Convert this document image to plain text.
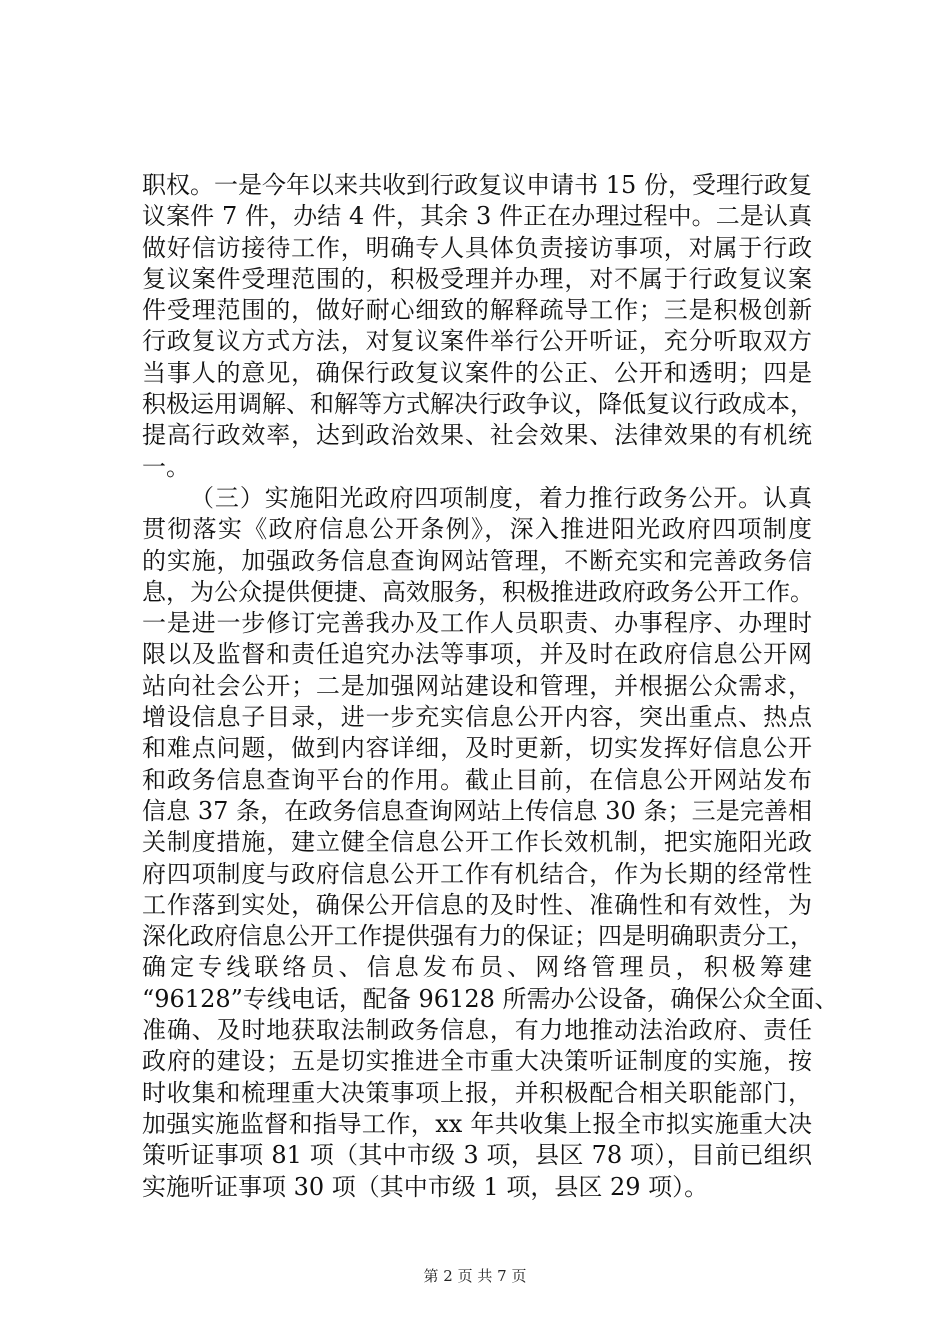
职权。一是今年以来共收到行政复议申请书 15 份，受理行政复
议案件 7 件，办结 4 件，其余 3 件正在办理过程中。二是认真
做好信访接待工作，明确专人具体负责接访事项，对属于行政
复议案件受理范围的，积极受理并办理，对不属于行政复议案
件受理范围的，做好耐心细致的解释疏导工作；三是积极创新
行政复议方式方法，对复议案件举行公开听证，充分听取双方
当事人的意见，确保行政复议案件的公正、公开和透明；四是
积极运用调解、和解等方式解决行政争议，降低复议行政成本，
提高行政效率，达到政治效果、社会效果、法律效果的有机统
一。
（三）实施阳光政府四项制度，着力推行政务公开。认真
贯彻落实《政府信息公开条例》，深入推进阳光政府四项制度
的实施，加强政务信息查询网站管理，不断充实和完善政务信
息，为公众提供便捷、高效服务，积极推进政府政务公开工作。
一是进一步修订完善我办及工作人员职责、办事程序、办理时
限以及监督和责任追究办法等事项，并及时在政府信息公开网
站向社会公开；二是加强网站建设和管理，并根据公众需求，
增设信息子目录，进一步充实信息公开内容，突出重点、热点
和难点问题，做到内容详细，及时更新，切实发挥好信息公开
和政务信息查询平台的作用。截止目前，在信息公开网站发布
信息 37 条，在政务信息查询网站上传信息 30 条；三是完善相
关制度措施，建立健全信息公开工作长效机制，把实施阳光政
府四项制度与政府信息公开工作有机结合，作为长期的经常性
工作落到实处，确保公开信息的及时性、准确性和有效性，为
深化政府信息公开工作提供强有力的保证；四是明确职责分工，
确定专线联络员、信息发布员、网络管理员，积极筹建
“96128”专线电话，配备 96128 所需办公设备，确保公众全面、
准确、及时地获取法制政务信息，有力地推动法治政府、责任
政府的建设；五是切实推进全市重大决策听证制度的实施，按
时收集和梳理重大决策事项上报，并积极配合相关职能部门，
加强实施监督和指导工作，xx 年共收集上报全市拟实施重大决
策听证事项 81 项（其中市级 3 项，县区 78 项），目前已组织
实施听证事项 30 项（其中市级 1 项，县区 29 项）。
第 2 页 共 7 页
